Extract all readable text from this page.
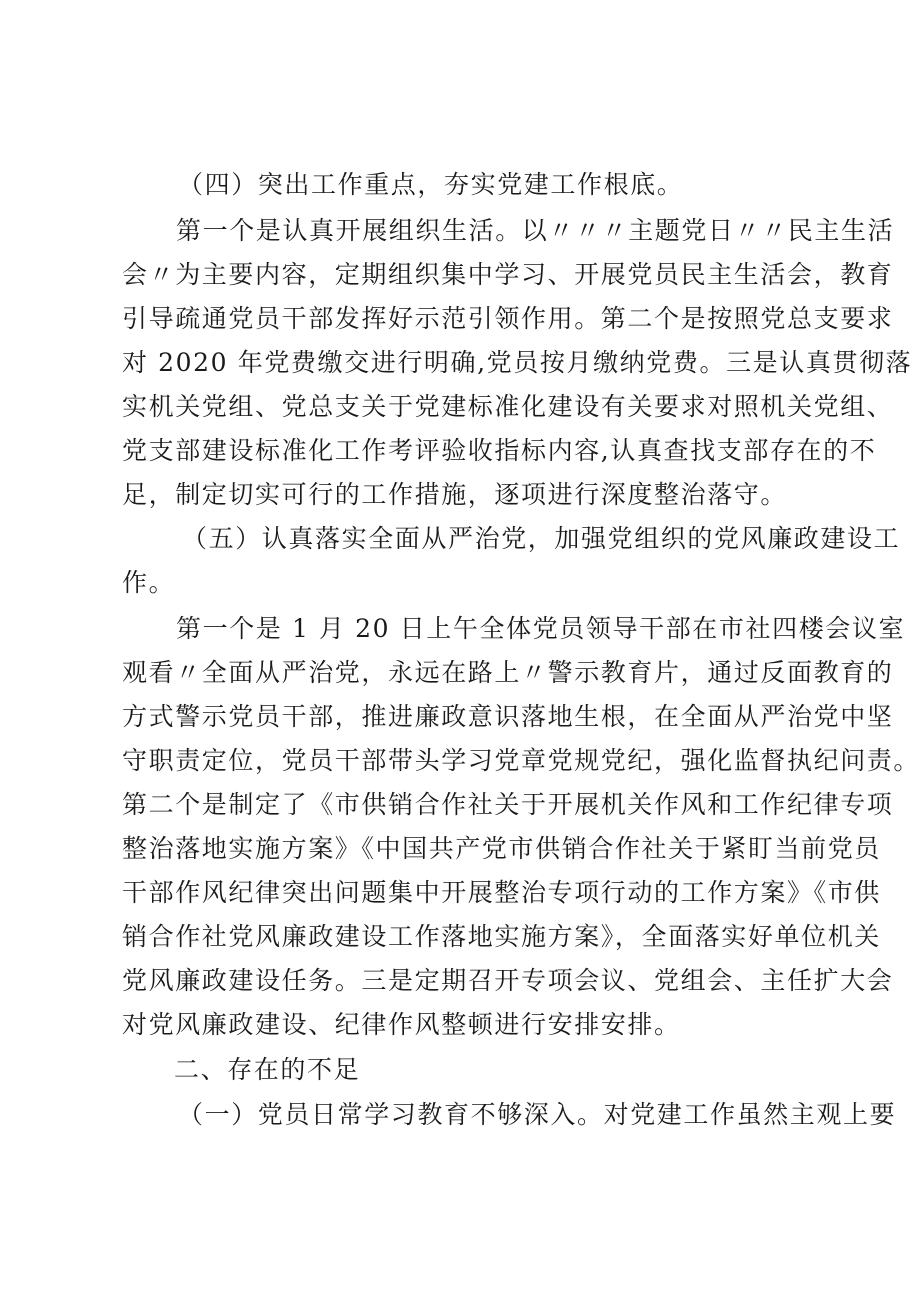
（四）突出工作重点，夯实党建工作根底。
第一个是认真开展组织生活。以〃〃〃主题党日〃〃民主生活
会〃为主要内容，定期组织集中学习、开展党员民主生活会，教育
引导疏通党员干部发挥好示范引领作用。第二个是按照党总支要求
对 2020 年党费缴交进行明确,党员按月缴纳党费。三是认真贯彻落
实机关党组、党总支关于党建标准化建设有关要求对照机关党组、
党支部建设标准化工作考评验收指标内容,认真查找支部存在的不
足，制定切实可行的工作措施，逐项进行深度整治落守。
（五）认真落实全面从严治党，加强党组织的党风廉政建设工
作。
第一个是 1 月 20 日上午全体党员领导干部在市社四楼会议室
观看〃全面从严治党，永远在路上〃警示教育片，通过反面教育的
方式警示党员干部，推进廉政意识落地生根，在全面从严治党中坚
守职责定位，党员干部带头学习党章党规党纪，强化监督执纪问责。
第二个是制定了《市供销合作社关于开展机关作风和工作纪律专项
整治落地实施方案》《中国共产党市供销合作社关于紧盯当前党员
干部作风纪律突出问题集中开展整治专项行动的工作方案》《市供
销合作社党风廉政建设工作落地实施方案》，全面落实好单位机关
党风廉政建设任务。三是定期召开专项会议、党组会、主任扩大会
对党风廉政建设、纪律作风整顿进行安排安排。
二、存在的不足
（一）党员日常学习教育不够深入。对党建工作虽然主观上要
